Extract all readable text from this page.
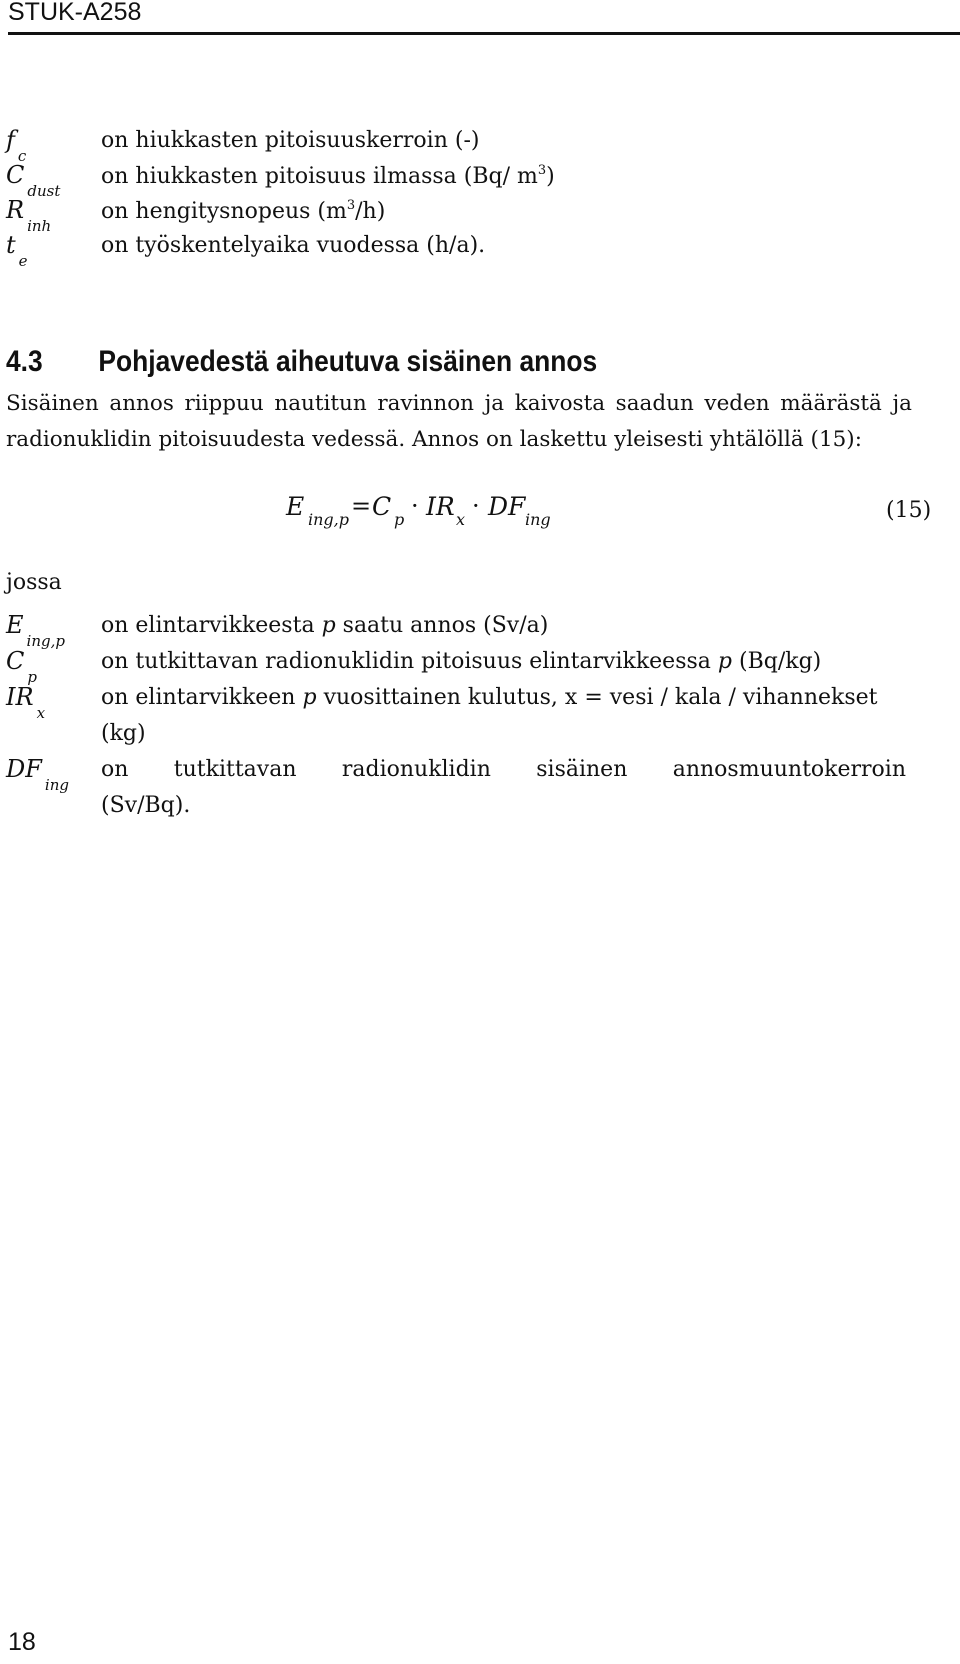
STUK-A258
$f_c$
on hiukkasten pitoisuuskerroin (-)
$C_{dust}$
on hiukkasten pitoisuus ilmassa (Bq/ $m^3$)
$R_{inh}$
on hengitysnopeus $(m^3/h)$
$t_e$
on työskentelyaika vuodessa (h/a).
4.3 Pohjavedestä aiheutuva sisäinen annos
Sisäinen annos riippuu nautitun ravinnon ja kaivosta saadun veden määrästä ja radionuklidin pitoisuudesta vedessä. Annos on laskettu yleisesti yhtälöllä (15):
E ing,p = C p · IR x · DF ing	(15)
jossa
$E_{ing,p}$
on elintarvikkeesta p saatu annos (Sv/a)
$C_p$
on tutkittavan radionuklidin pitoisuus elintarvikkeessa p (Bq/kg)
$IR_x$
on elintarvikkeen p vuosittainen kulutus, x = vesi / kala / vihannekset
(kg)
$DF_{ing}$
on tutkittavan radionuklidin sisäinen annosmuuntokerroin
(Sv/Bq).
18
